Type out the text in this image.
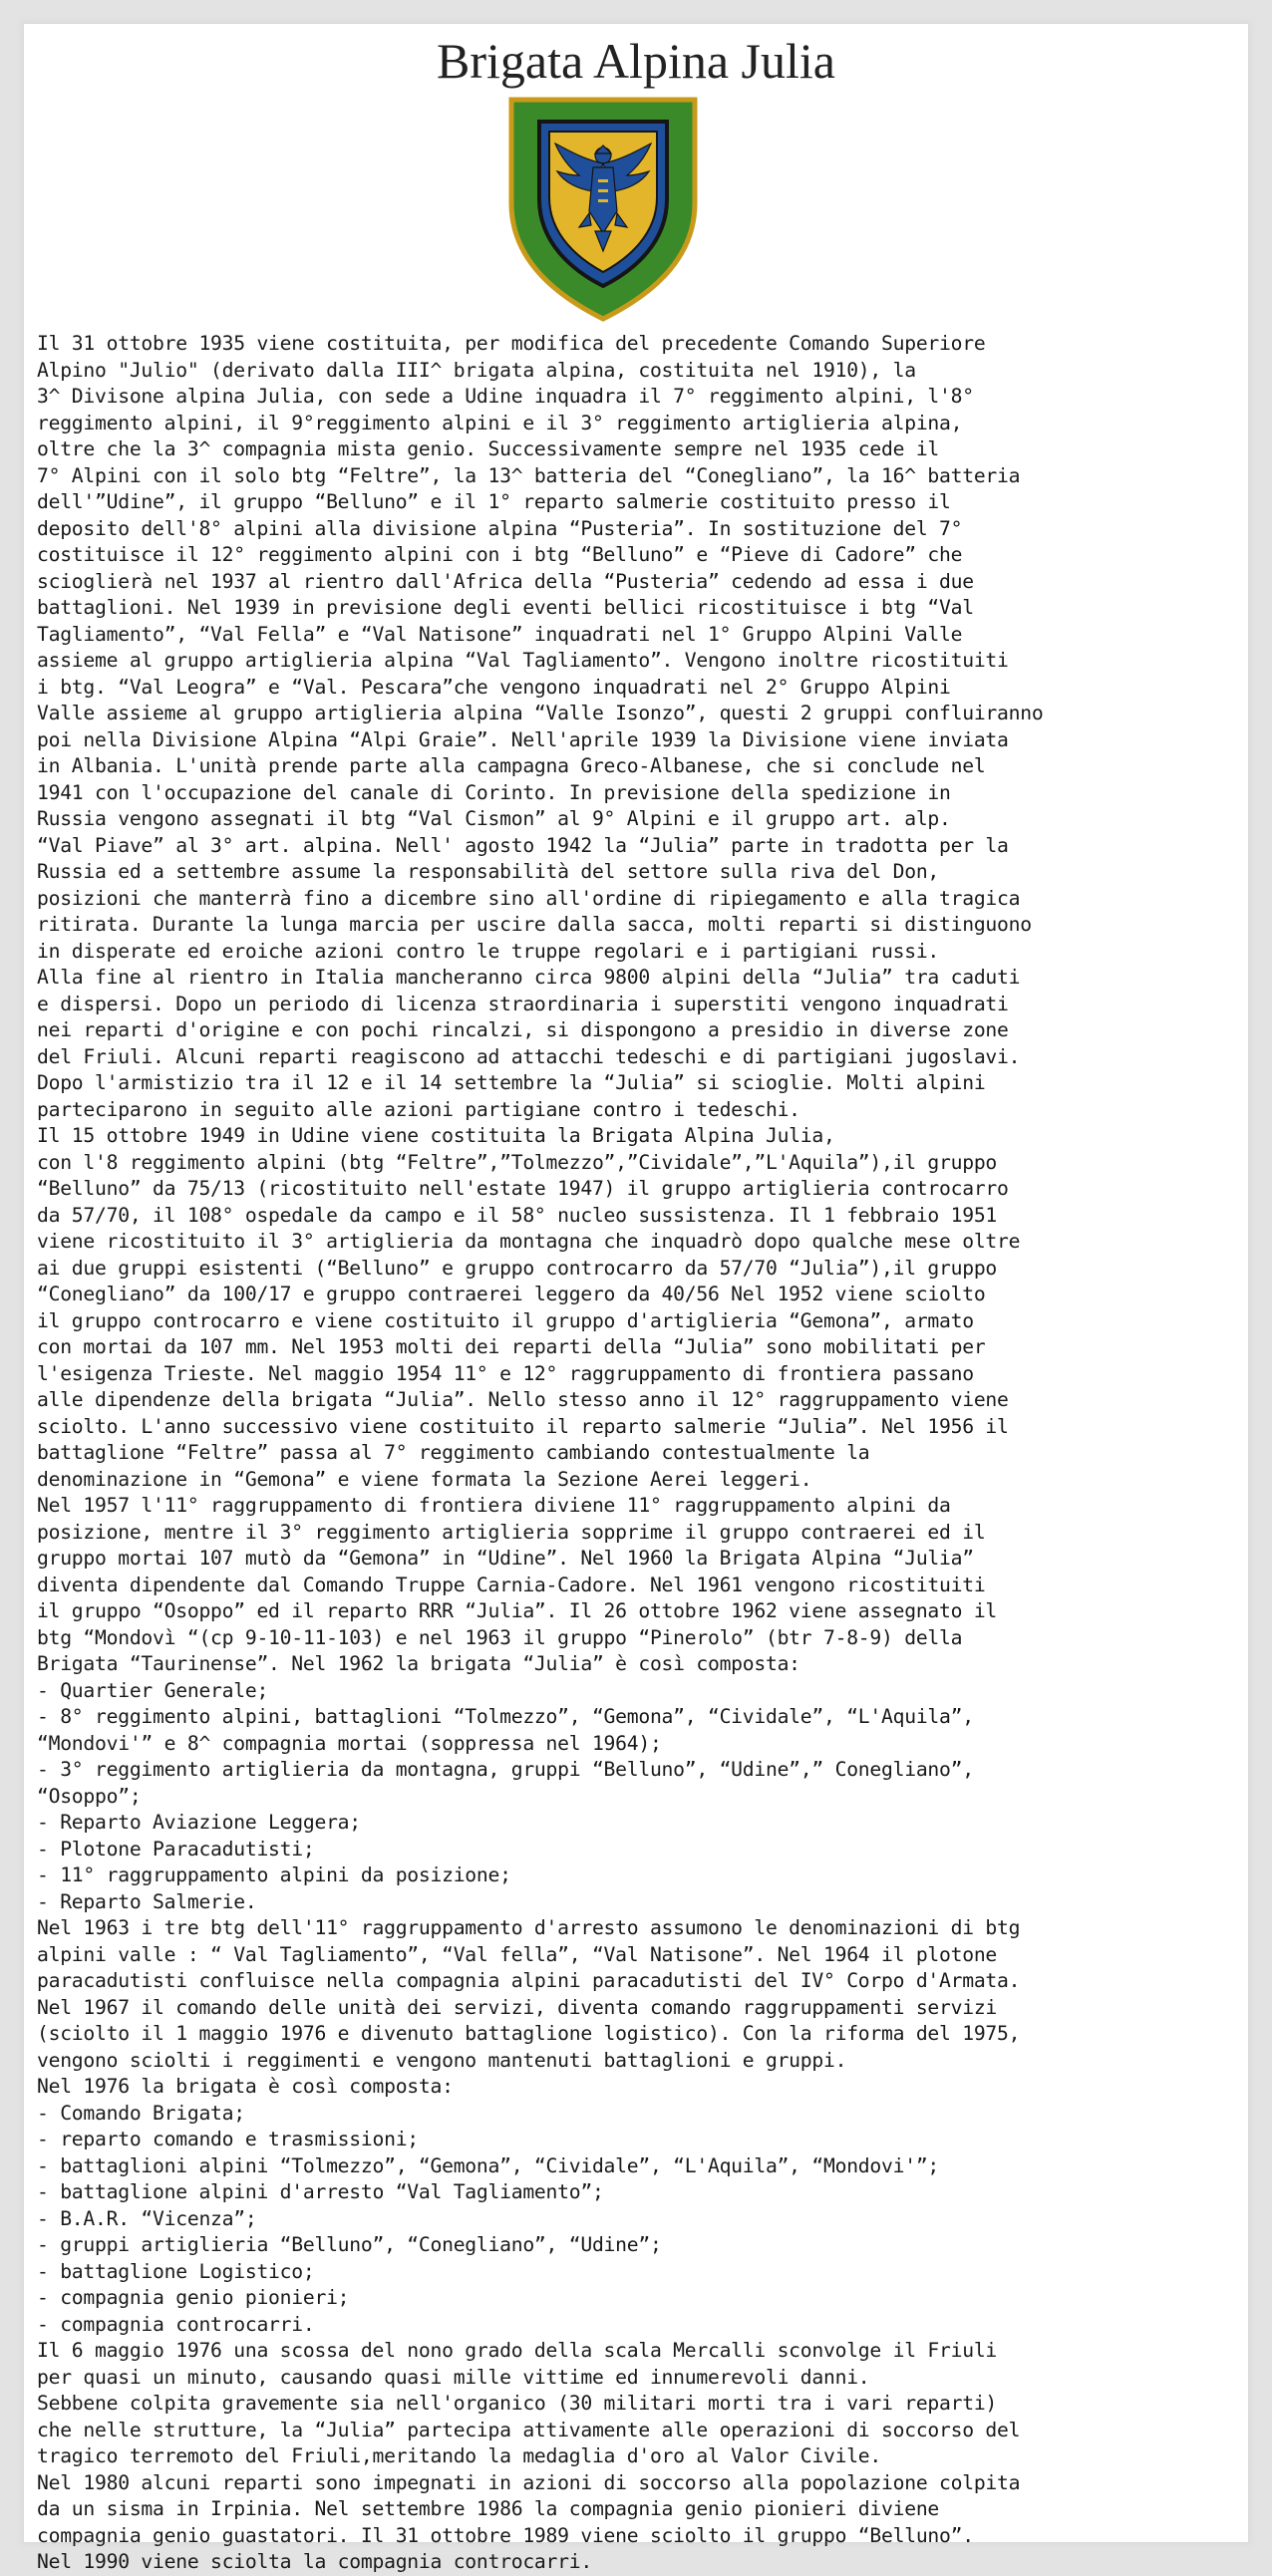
Brigata Alpina Julia
Il 31 ottobre 1935 viene costituita, per modifica del precedente Comando Superiore
Alpino "Julio" (derivato dalla III^ brigata alpina, costituita nel 1910), la
3^ Divisone alpina Julia, con sede a Udine inquadra il 7° reggimento alpini, l'8°
reggimento alpini, il 9°reggimento alpini e il 3° reggimento artiglieria alpina,
oltre che la 3^ compagnia mista genio. Successivamente sempre nel 1935 cede il
7° Alpini con il solo btg “Feltre”, la 13^ batteria del “Conegliano”, la 16^ batteria
dell'”Udine”, il gruppo “Belluno” e il 1° reparto salmerie costituito presso il
deposito dell'8° alpini alla divisione alpina “Pusteria”. In sostituzione del 7°
costituisce il 12° reggimento alpini con i btg “Belluno” e “Pieve di Cadore” che
scioglierà nel 1937 al rientro dall'Africa della “Pusteria” cedendo ad essa i due
battaglioni. Nel 1939 in previsione degli eventi bellici ricostituisce i btg “Val
Tagliamento”, “Val Fella” e “Val Natisone” inquadrati nel 1° Gruppo Alpini Valle
assieme al gruppo artiglieria alpina “Val Tagliamento”. Vengono inoltre ricostituiti
i btg. “Val Leogra” e “Val. Pescara”che vengono inquadrati nel 2° Gruppo Alpini
Valle assieme al gruppo artiglieria alpina “Valle Isonzo”, questi 2 gruppi confluiranno
poi nella Divisione Alpina “Alpi Graie”. Nell'aprile 1939 la Divisione viene inviata
in Albania. L'unità prende parte alla campagna Greco-Albanese, che si conclude nel
1941 con l'occupazione del canale di Corinto. In previsione della spedizione in
Russia vengono assegnati il btg “Val Cismon” al 9° Alpini e il gruppo art. alp.
“Val Piave” al 3° art. alpina. Nell' agosto 1942 la “Julia” parte in tradotta per la
Russia ed a settembre assume la responsabilità del settore sulla riva del Don,
posizioni che manterrà fino a dicembre sino all'ordine di ripiegamento e alla tragica
ritirata. Durante la lunga marcia per uscire dalla sacca, molti reparti si distinguono
in disperate ed eroiche azioni contro le truppe regolari e i partigiani russi.
Alla fine al rientro in Italia mancheranno circa 9800 alpini della “Julia” tra caduti
e dispersi. Dopo un periodo di licenza straordinaria i superstiti vengono inquadrati
nei reparti d'origine e con pochi rincalzi, si dispongono a presidio in diverse zone
del Friuli. Alcuni reparti reagiscono ad attacchi tedeschi e di partigiani jugoslavi.
Dopo l'armistizio tra il 12 e il 14 settembre la “Julia” si scioglie. Molti alpini
parteciparono in seguito alle azioni partigiane contro i tedeschi.
Il 15 ottobre 1949 in Udine viene costituita la Brigata Alpina Julia,
con l'8 reggimento alpini (btg “Feltre”,”Tolmezzo”,”Cividale”,”L'Aquila”),il gruppo
“Belluno” da 75/13 (ricostituito nell'estate 1947) il gruppo artiglieria controcarro
da 57/70, il 108° ospedale da campo e il 58° nucleo sussistenza. Il 1 febbraio 1951
viene ricostituito il 3° artiglieria da montagna che inquadrò dopo qualche mese oltre
ai due gruppi esistenti (“Belluno” e gruppo controcarro da 57/70 “Julia”),il gruppo
“Conegliano” da 100/17 e gruppo contraerei leggero da 40/56 Nel 1952 viene sciolto
il gruppo controcarro e viene costituito il gruppo d'artiglieria “Gemona”, armato
con mortai da 107 mm. Nel 1953 molti dei reparti della “Julia” sono mobilitati per
l'esigenza Trieste. Nel maggio 1954 11° e 12° raggruppamento di frontiera passano
alle dipendenze della brigata “Julia”. Nello stesso anno il 12° raggruppamento viene
sciolto. L'anno successivo viene costituito il reparto salmerie “Julia”. Nel 1956 il
battaglione “Feltre” passa al 7° reggimento cambiando contestualmente la
denominazione in “Gemona” e viene formata la Sezione Aerei leggeri.
Nel 1957 l'11° raggruppamento di frontiera diviene 11° raggruppamento alpini da
posizione, mentre il 3° reggimento artiglieria sopprime il gruppo contraerei ed il
gruppo mortai 107 mutò da “Gemona” in “Udine”. Nel 1960 la Brigata Alpina “Julia”
diventa dipendente dal Comando Truppe Carnia-Cadore. Nel 1961 vengono ricostituiti
il gruppo “Osoppo” ed il reparto RRR “Julia”. Il 26 ottobre 1962 viene assegnato il
btg “Mondovì “(cp 9-10-11-103) e nel 1963 il gruppo “Pinerolo” (btr 7-8-9) della
Brigata “Taurinense”. Nel 1962 la brigata “Julia” è così composta:
- Quartier Generale;
- 8° reggimento alpini, battaglioni “Tolmezzo”, “Gemona”, “Cividale”, “L'Aquila”,
“Mondovi'” e 8^ compagnia mortai (soppressa nel 1964);
- 3° reggimento artiglieria da montagna, gruppi “Belluno”, “Udine”,” Conegliano”,
“Osoppo”;
- Reparto Aviazione Leggera;
- Plotone Paracadutisti;
- 11° raggruppamento alpini da posizione;
- Reparto Salmerie.
Nel 1963 i tre btg dell'11° raggruppamento d'arresto assumono le denominazioni di btg
alpini valle : “ Val Tagliamento”, “Val fella”, “Val Natisone”. Nel 1964 il plotone
paracadutisti confluisce nella compagnia alpini paracadutisti del IV° Corpo d'Armata.
Nel 1967 il comando delle unità dei servizi, diventa comando raggruppamenti servizi
(sciolto il 1 maggio 1976 e divenuto battaglione logistico). Con la riforma del 1975,
vengono sciolti i reggimenti e vengono mantenuti battaglioni e gruppi.
Nel 1976 la brigata è così composta:
- Comando Brigata;
- reparto comando e trasmissioni;
- battaglioni alpini “Tolmezzo”, “Gemona”, “Cividale”, “L'Aquila”, “Mondovi'”;
- battaglione alpini d'arresto “Val Tagliamento”;
- B.A.R. “Vicenza”;
- gruppi artiglieria “Belluno”, “Conegliano”, “Udine”;
- battaglione Logistico;
- compagnia genio pionieri;
- compagnia controcarri.
Il 6 maggio 1976 una scossa del nono grado della scala Mercalli sconvolge il Friuli
per quasi un minuto, causando quasi mille vittime ed innumerevoli danni.
Sebbene colpita gravemente sia nell'organico (30 militari morti tra i vari reparti)
che nelle strutture, la “Julia” partecipa attivamente alle operazioni di soccorso del
tragico terremoto del Friuli,meritando la medaglia d'oro al Valor Civile.
Nel 1980 alcuni reparti sono impegnati in azioni di soccorso alla popolazione colpita
da un sisma in Irpinia. Nel settembre 1986 la compagnia genio pionieri diviene
compagnia genio guastatori. Il 31 ottobre 1989 viene sciolto il gruppo “Belluno”.
Nel 1990 viene sciolta la compagnia controcarri.
